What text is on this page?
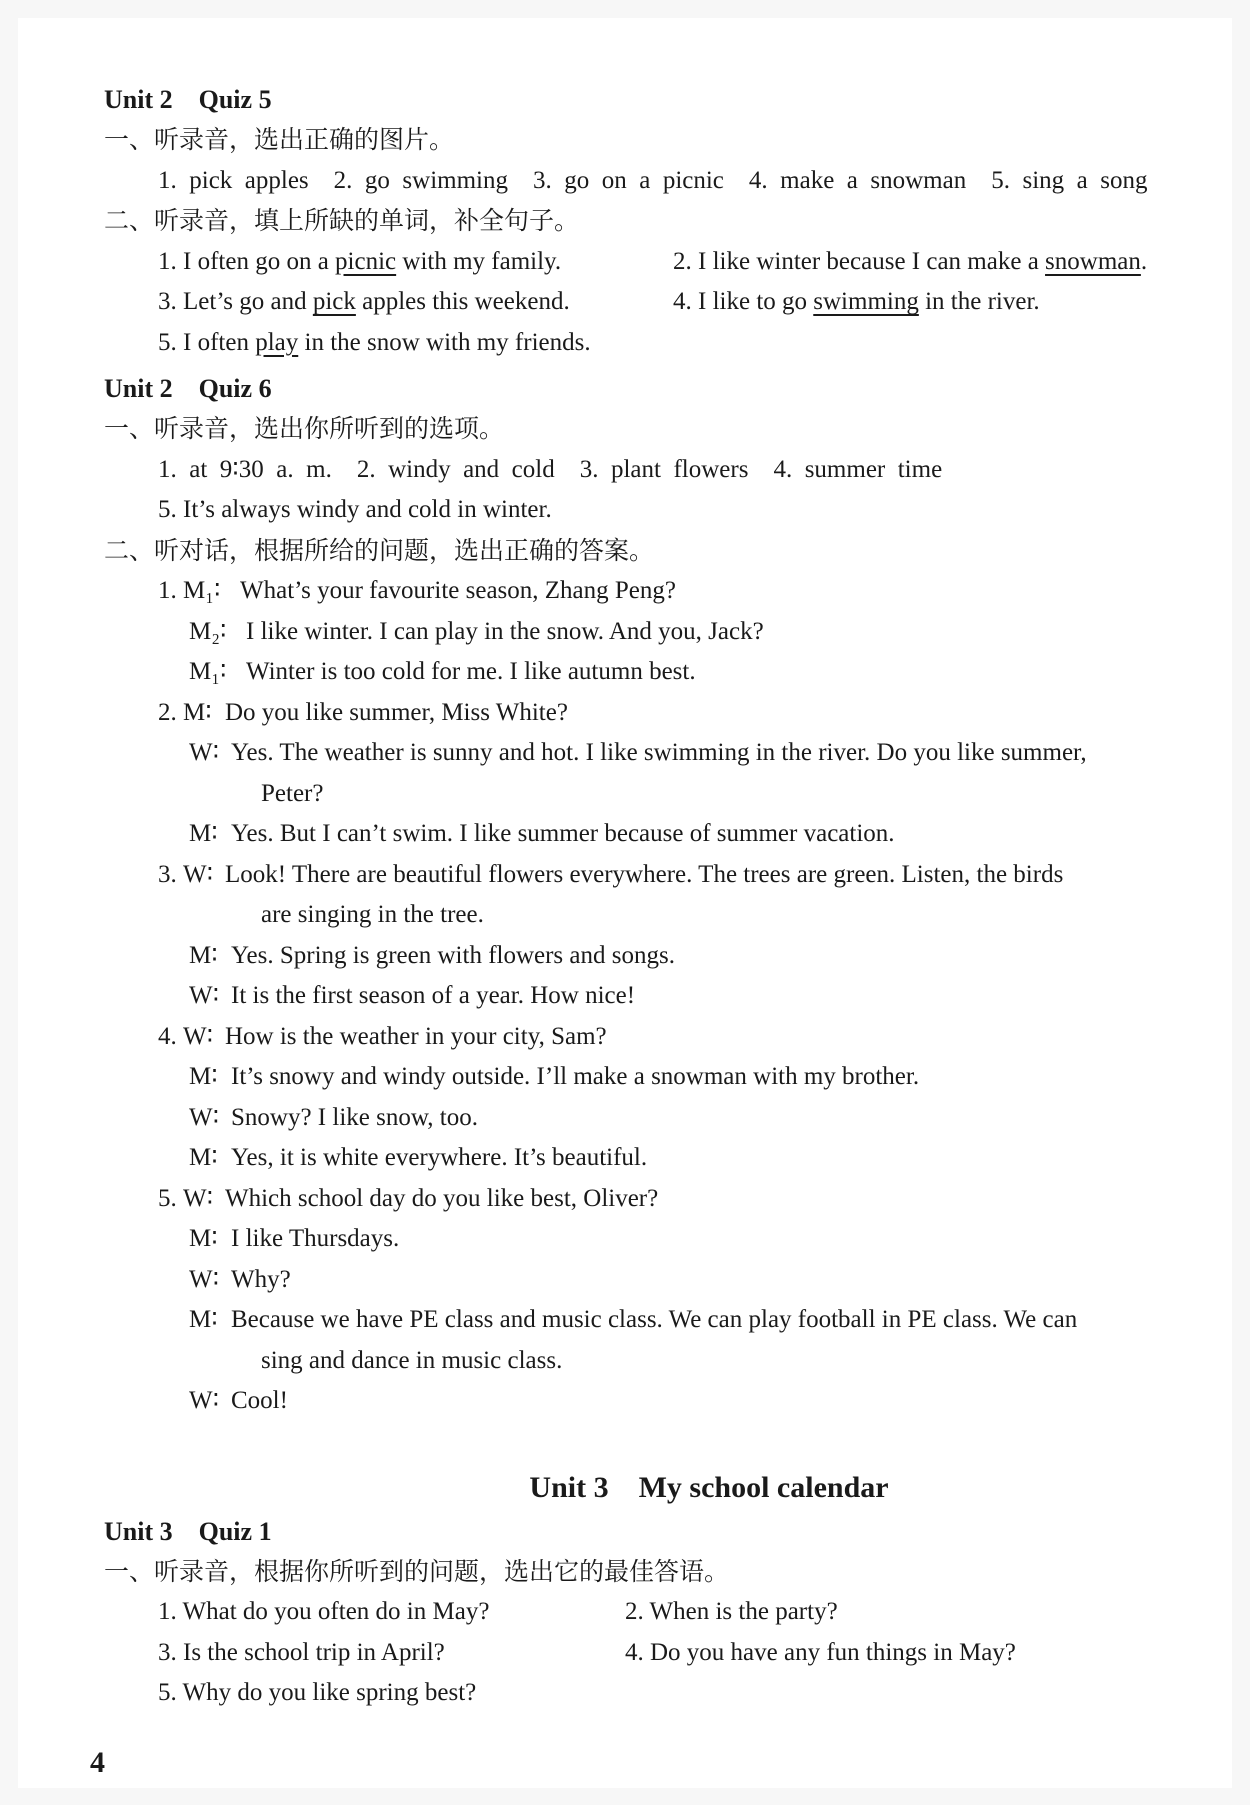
Unit 2　Quiz 5
一、听录音，选出正确的图片。
1. pick apples　2. go swimming　3. go on a picnic　4. make a snowman　5. sing a song
二、听录音，填上所缺的单词，补全句子。
1. I often go on a picnic with my family.	2. I like winter because I can make a snowman.
3. Let’s go and pick apples this weekend.	4. I like to go swimming in the river.
5. I often play in the snow with my friends.
Unit 2　Quiz 6
一、听录音，选出你所听到的选项。
1. at 9∶30 a. m.　2. windy and cold　3. plant flowers　4. summer time
5. It’s always windy and cold in winter.
二、听对话，根据所给的问题，选出正确的答案。
1. M₁∶ What’s your favourite season, Zhang Peng?
M₂∶ I like winter. I can play in the snow. And you, Jack?
M₁∶ Winter is too cold for me. I like autumn best.
2. M∶ Do you like summer, Miss White?
W∶ Yes. The weather is sunny and hot. I like swimming in the river. Do you like summer,
Peter?
M∶ Yes. But I can’t swim. I like summer because of summer vacation.
3. W∶ Look! There are beautiful flowers everywhere. The trees are green. Listen, the birds
are singing in the tree.
M∶ Yes. Spring is green with flowers and songs.
W∶ It is the first season of a year. How nice!
4. W∶ How is the weather in your city, Sam?
M∶ It’s snowy and windy outside. I’ll make a snowman with my brother.
W∶ Snowy? I like snow, too.
M∶ Yes, it is white everywhere. It’s beautiful.
5. W∶ Which school day do you like best, Oliver?
M∶ I like Thursdays.
W∶ Why?
M∶ Because we have PE class and music class. We can play football in PE class. We can
sing and dance in music class.
W∶ Cool!
Unit 3　My school calendar
Unit 3　Quiz 1
一、听录音，根据你所听到的问题，选出它的最佳答语。
1. What do you often do in May?	2. When is the party?
3. Is the school trip in April?	4. Do you have any fun things in May?
5. Why do you like spring best?
4
